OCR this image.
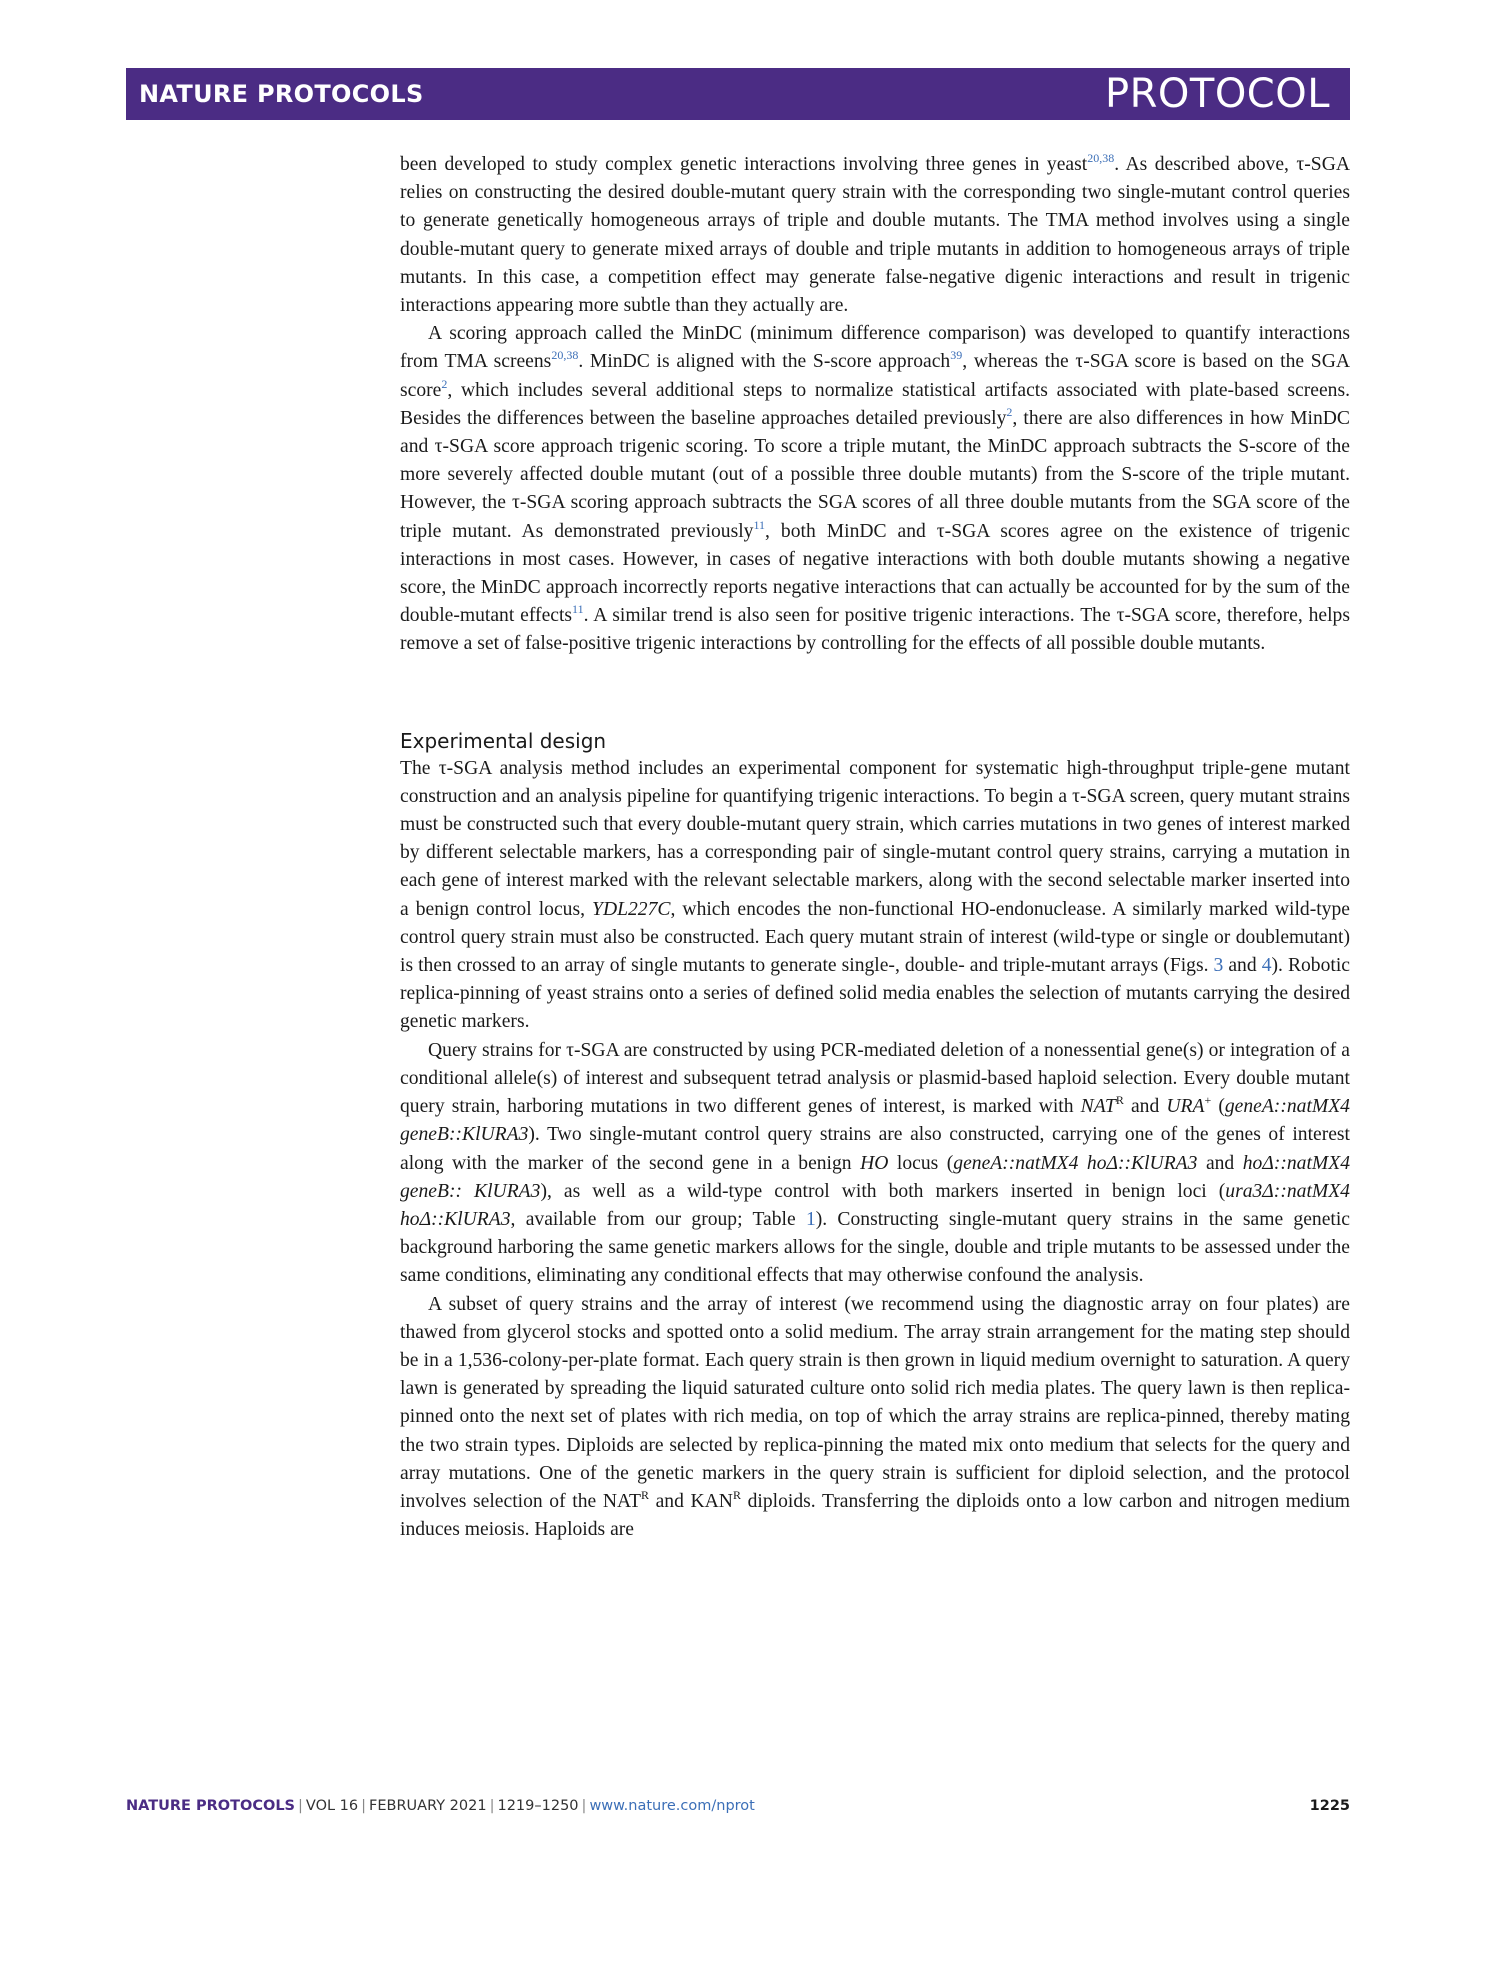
NATURE PROTOCOLS	PROTOCOL

been developed to study complex genetic interactions involving three genes in yeast$^{20,38}$. As described above, τ-SGA relies on constructing the desired double-mutant query strain with the corresponding two single-mutant control queries to generate genetically homogeneous arrays of triple and double mutants. The TMA method involves using a single double-mutant query to generate mixed arrays of double and triple mutants in addition to homogeneous arrays of triple mutants. In this case, a competition effect may generate false-negative digenic interactions and result in trigenic interactions appearing more subtle than they actually are.

A scoring approach called the MinDC (minimum difference comparison) was developed to quantify interactions from TMA screens$^{20,38}$. MinDC is aligned with the S-score approach$^{39}$, whereas the τ-SGA score is based on the SGA score$^2$, which includes several additional steps to normalize statistical artifacts associated with plate-based screens. Besides the differences between the baseline approaches detailed previously$^2$, there are also differences in how MinDC and τ-SGA score approach trigenic scoring. To score a triple mutant, the MinDC approach subtracts the S-score of the more severely affected double mutant (out of a possible three double mutants) from the S-score of the triple mutant. However, the τ-SGA scoring approach subtracts the SGA scores of all three double mutants from the SGA score of the triple mutant. As demonstrated previously$^{11}$, both MinDC and τ-SGA scores agree on the existence of trigenic interactions in most cases. However, in cases of negative interactions with both double mutants showing a negative score, the MinDC approach incorrectly reports negative interactions that can actually be accounted for by the sum of the double-mutant effects$^{11}$. A similar trend is also seen for positive trigenic interactions. The τ-SGA score, therefore, helps remove a set of false-positive trigenic interactions by controlling for the effects of all possible double mutants.

Experimental design

The τ-SGA analysis method includes an experimental component for systematic high-throughput triple-gene mutant construction and an analysis pipeline for quantifying trigenic interactions. To begin a τ-SGA screen, query mutant strains must be constructed such that every double-mutant query strain, which carries mutations in two genes of interest marked by different selectable markers, has a corresponding pair of single-mutant control query strains, carrying a mutation in each gene of interest marked with the relevant selectable markers, along with the second selectable marker inserted into a benign control locus, YDL227C, which encodes the non-functional HO-endonuclease. A similarly marked wild-type control query strain must also be constructed. Each query mutant strain of interest (wild-type or single or doublemutant) is then crossed to an array of single mutants to generate single-, double- and triple-mutant arrays (Figs. 3 and 4). Robotic replica-pinning of yeast strains onto a series of defined solid media enables the selection of mutants carrying the desired genetic markers.

Query strains for τ-SGA are constructed by using PCR-mediated deletion of a nonessential gene(s) or integration of a conditional allele(s) of interest and subsequent tetrad analysis or plasmid-based haploid selection. Every double mutant query strain, harboring mutations in two different genes of interest, is marked with $NAT^R$ and URA+ (geneA::natMX4 geneB::KlURA3). Two single-mutant control query strains are also constructed, carrying one of the genes of interest along with the marker of the second gene in a benign HO locus (geneA::natMX4 hoΔ::KlURA3 and hoΔ::natMX4 geneB:: KlURA3), as well as a wild-type control with both markers inserted in benign loci (ura3Δ::natMX4 hoΔ::KlURA3, available from our group; Table 1). Constructing single-mutant query strains in the same genetic background harboring the same genetic markers allows for the single, double and triple mutants to be assessed under the same conditions, eliminating any conditional effects that may otherwise confound the analysis.

A subset of query strains and the array of interest (we recommend using the diagnostic array on four plates) are thawed from glycerol stocks and spotted onto a solid medium. The array strain arrangement for the mating step should be in a 1,536-colony-per-plate format. Each query strain is then grown in liquid medium overnight to saturation. A query lawn is generated by spreading the liquid saturated culture onto solid rich media plates. The query lawn is then replica-pinned onto the next set of plates with rich media, on top of which the array strains are replica-pinned, thereby mating the two strain types. Diploids are selected by replica-pinning the mated mix onto medium that selects for the query and array mutations. One of the genetic markers in the query strain is sufficient for diploid selection, and the protocol involves selection of the $NAT^R$ and $KAN^R$ diploids. Transferring the diploids onto a low carbon and nitrogen medium induces meiosis. Haploids are

NATURE PROTOCOLS | VOL 16 | FEBRUARY 2021 | 1219–1250 | www.nature.com/nprot	1225
